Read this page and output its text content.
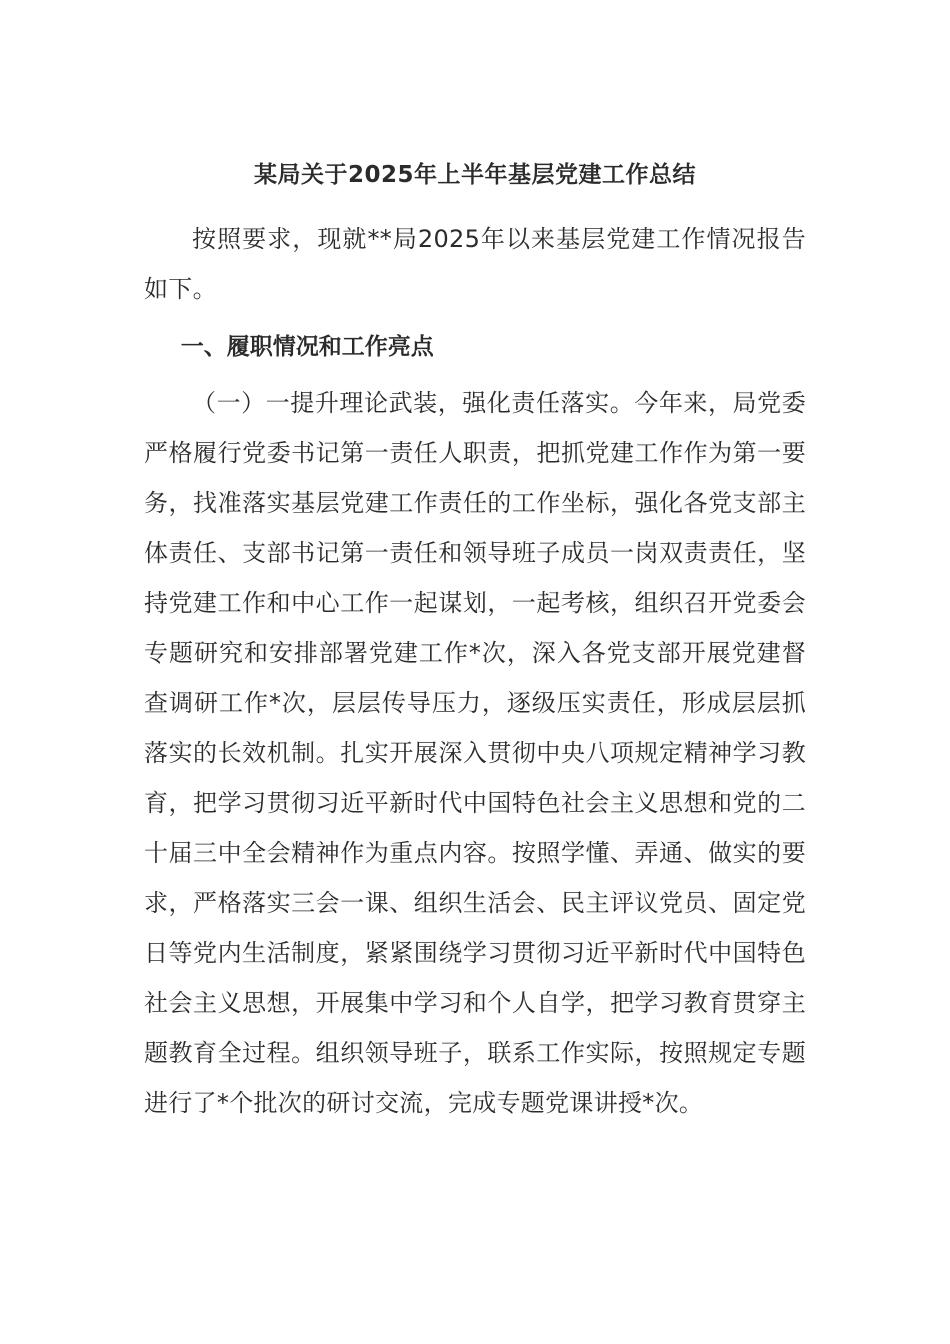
某局关于2025年上半年基层党建工作总结

按照要求，现就**局2025年以来基层党建工作情况报告如下。

一、履职情况和工作亮点

（一）一提升理论武装，强化责任落实。今年来，局党委严格履行党委书记第一责任人职责，把抓党建工作作为第一要务，找准落实基层党建工作责任的工作坐标，强化各党支部主体责任、支部书记第一责任和领导班子成员一岗双责责任，坚持党建工作和中心工作一起谋划，一起考核，组织召开党委会专题研究和安排部署党建工作*次，深入各党支部开展党建督查调研工作*次，层层传导压力，逐级压实责任，形成层层抓落实的长效机制。扎实开展深入贯彻中央八项规定精神学习教育，把学习贯彻习近平新时代中国特色社会主义思想和党的二十届三中全会精神作为重点内容。按照学懂、弄通、做实的要求，严格落实三会一课、组织生活会、民主评议党员、固定党日等党内生活制度，紧紧围绕学习贯彻习近平新时代中国特色社会主义思想，开展集中学习和个人自学，把学习教育贯穿主题教育全过程。组织领导班子，联系工作实际，按照规定专题进行了*个批次的研讨交流，完成专题党课讲授*次。
